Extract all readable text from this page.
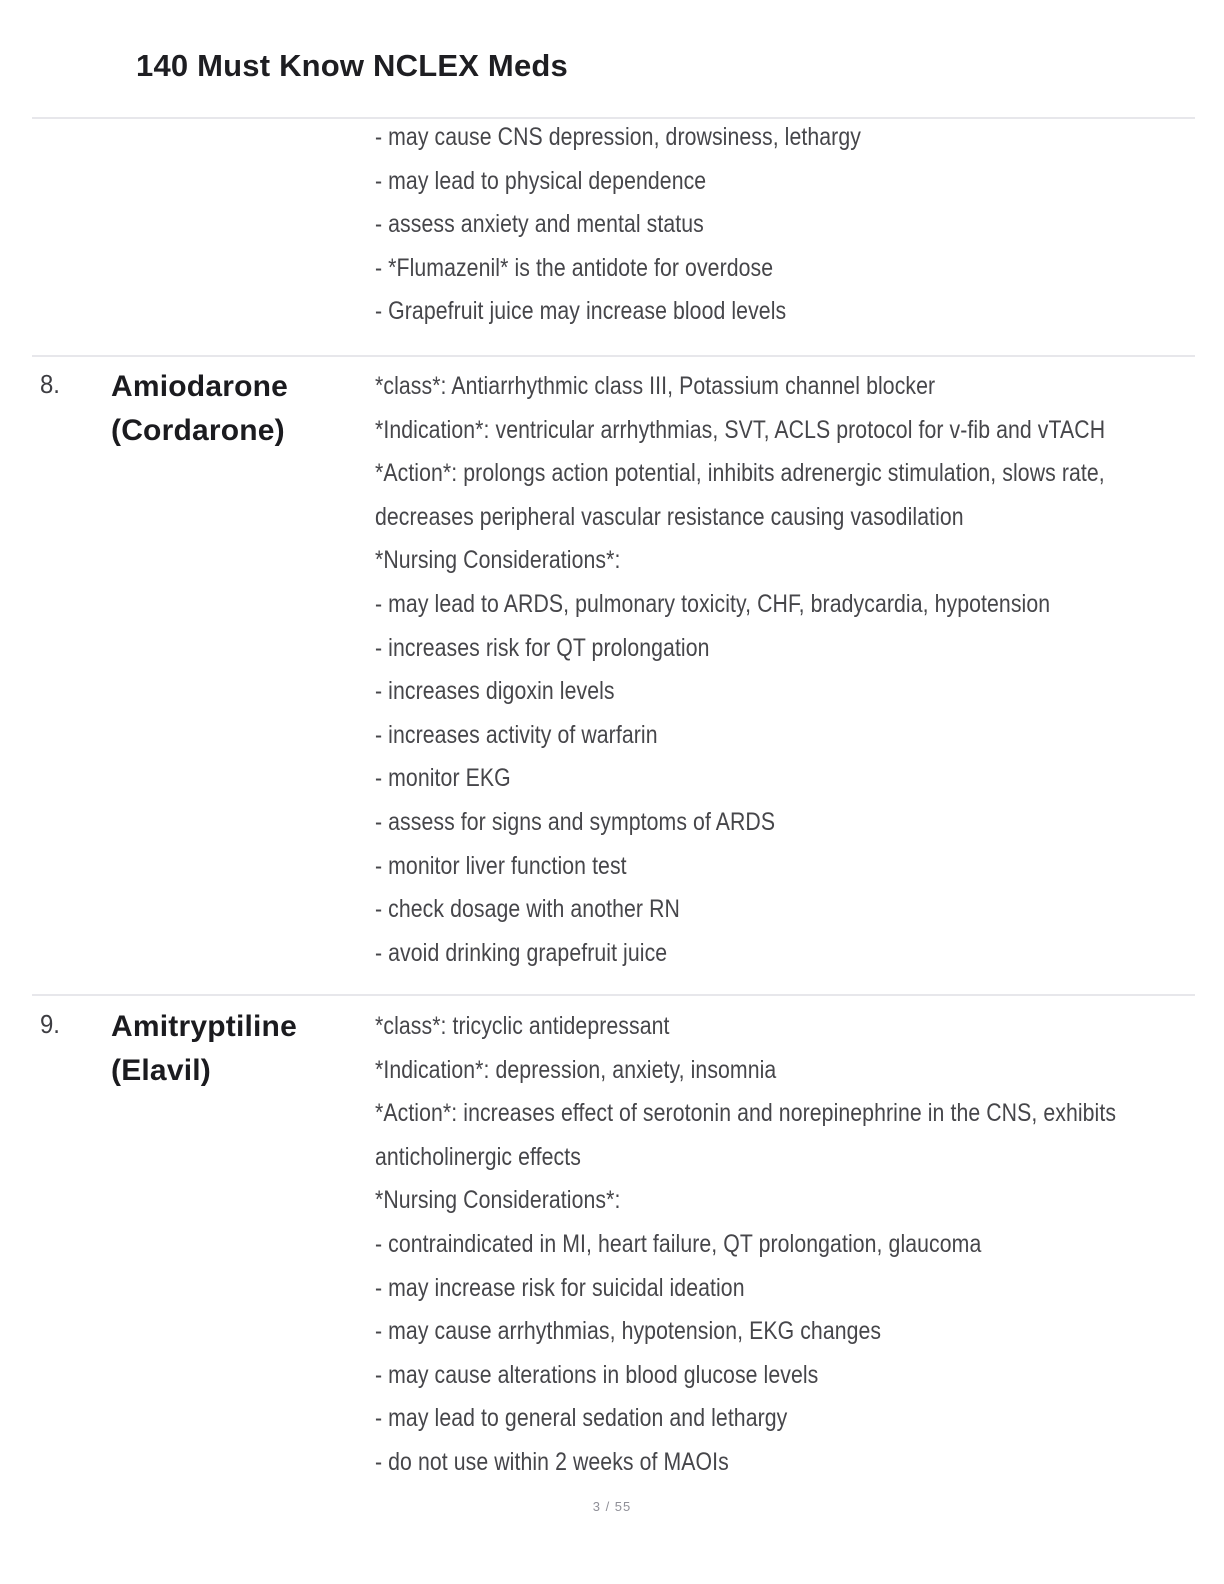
140 Must Know NCLEX Meds
- may cause CNS depression, drowsiness, lethargy
- may lead to physical dependence
- assess anxiety and mental status
- *Flumazenil* is the antidote for overdose
- Grapefruit juice may increase blood levels
8. Amiodarone
(Cordarone)
*class*: Antiarrhythmic class III, Potassium channel blocker
*Indication*: ventricular arrhythmias, SVT, ACLS protocol for v-fib and vTACH
*Action*: prolongs action potential, inhibits adrenergic stimulation, slows rate,
decreases peripheral vascular resistance causing vasodilation
*Nursing Considerations*:
- may lead to ARDS, pulmonary toxicity, CHF, bradycardia, hypotension
- increases risk for QT prolongation
- increases digoxin levels
- increases activity of warfarin
- monitor EKG
- assess for signs and symptoms of ARDS
- monitor liver function test
- check dosage with another RN
- avoid drinking grapefruit juice
9. Amitryptiline
(Elavil)
*class*: tricyclic antidepressant
*Indication*: depression, anxiety, insomnia
*Action*: increases effect of serotonin and norepinephrine in the CNS, exhibits
anticholinergic effects
*Nursing Considerations*:
- contraindicated in MI, heart failure, QT prolongation, glaucoma
- may increase risk for suicidal ideation
- may cause arrhythmias, hypotension, EKG changes
- may cause alterations in blood glucose levels
- may lead to general sedation and lethargy
- do not use within 2 weeks of MAOIs
3 / 55
